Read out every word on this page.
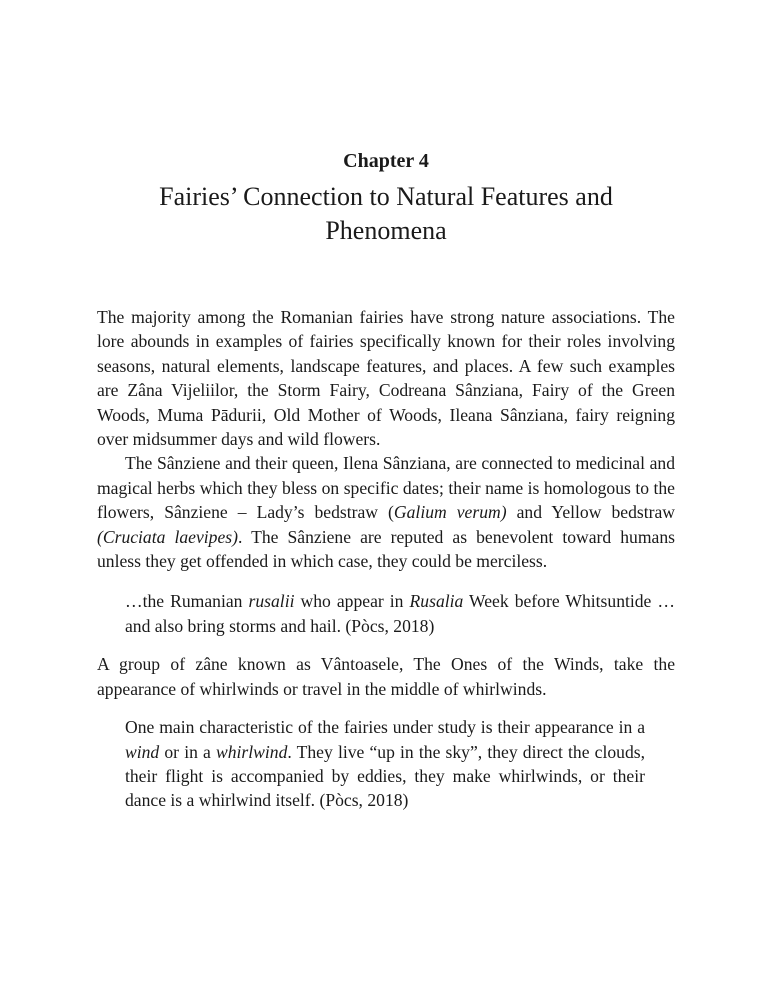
Chapter 4
Fairies’ Connection to Natural Features and
Phenomena

The majority among the Romanian fairies have strong nature associations. The lore abounds in examples of fairies specifically known for their roles involving seasons, natural elements, landscape features, and places. A few such examples are Zâna Vijeliilor, the Storm Fairy, Codreana Sânziana, Fairy of the Green Woods, Muma Pādurii, Old Mother of Woods, Ileana Sânziana, fairy reigning over midsummer days and wild flowers.

The Sânziene and their queen, Ilena Sânziana, are connected to medicinal and magical herbs which they bless on specific dates; their name is homologous to the flowers, Sânziene – Lady’s bedstraw (Galium verum) and Yellow bedstraw (Cruciata laevipes). The Sânziene are reputed as benevolent toward humans unless they get offended in which case, they could be merciless.

…the Rumanian rusalii who appear in Rusalia Week before Whitsuntide …and also bring storms and hail. (Pòcs, 2018)

A group of zâne known as Vântoasele, The Ones of the Winds, take the appearance of whirlwinds or travel in the middle of whirlwinds.

One main characteristic of the fairies under study is their appearance in a wind or in a whirlwind. They live “up in the sky”, they direct the clouds, their flight is accompanied by eddies, they make whirlwinds, or their dance is a whirlwind itself. (Pòcs, 2018)
